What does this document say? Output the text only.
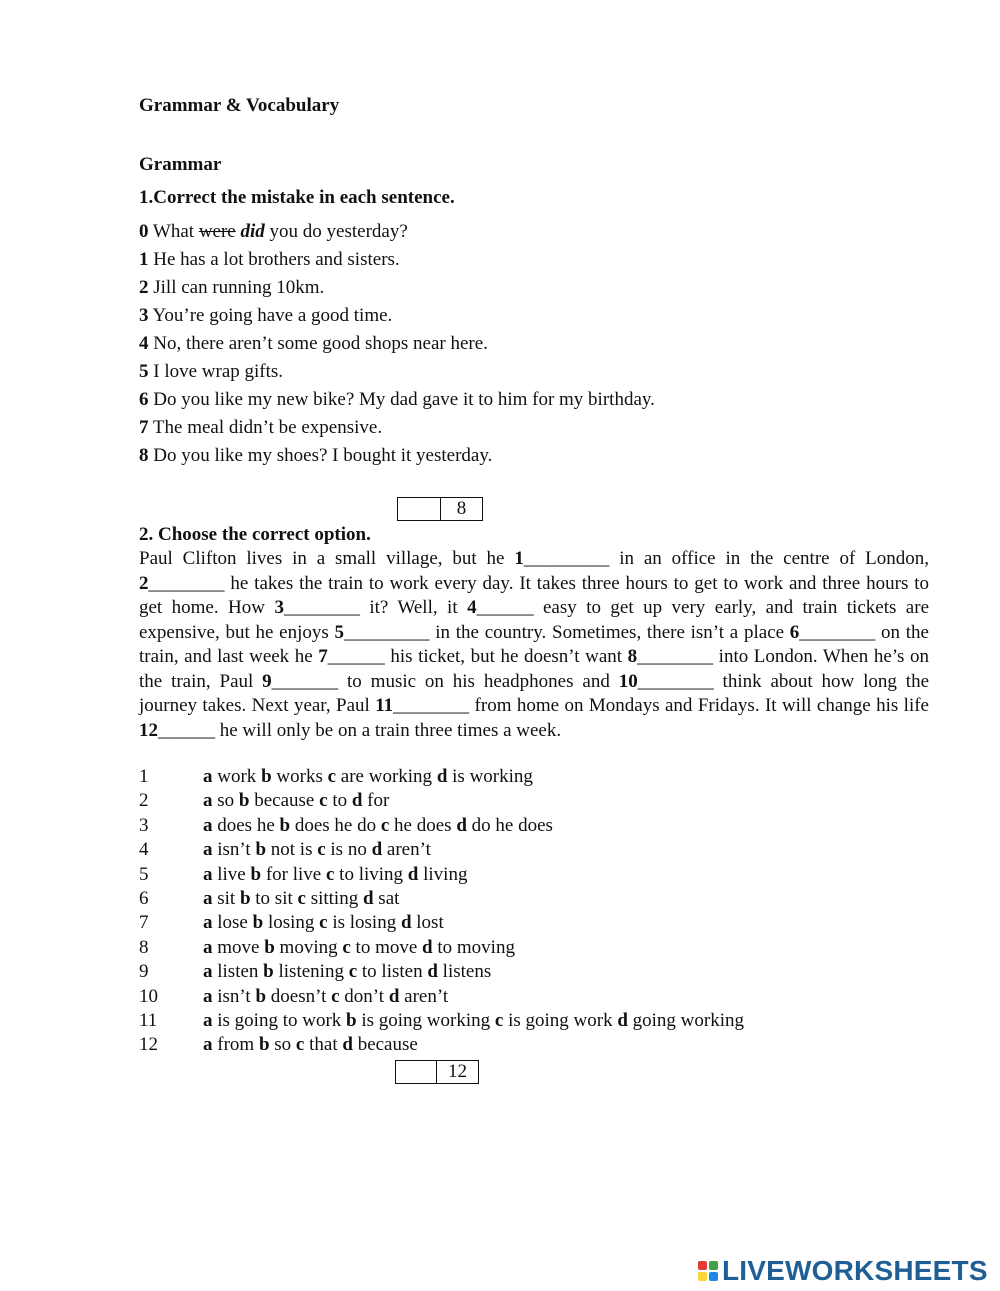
Grammar & Vocabulary
Grammar
1.Correct the mistake in each sentence.
0 What were did you do yesterday?
1 He has a lot brothers and sisters.
2 Jill can running 10km.
3 You’re going have a good time.
4 No, there aren’t some good shops near here.
5 I love wrap gifts.
6 Do you like my new bike? My dad gave it to him for my birthday.
7 The meal didn’t be expensive.
8 Do you like my shoes? I bought it yesterday.
8
2. Choose the correct option.
Paul Clifton lives in a small village, but he 1_________ in an office in the centre of London, 2________ he takes the train to work every day. It takes three hours to get to work and three hours to get home. How 3________ it? Well, it 4______ easy to get up very early, and train tickets are expensive, but he enjoys 5_________ in the country. Sometimes, there isn’t a place 6________ on the train, and last week he 7______ his ticket, but he doesn’t want 8________ into London. When he’s on the train, Paul 9_______ to music on his headphones and 10________ think about how long the journey takes. Next year, Paul 11________ from home on Mondays and Fridays. It will change his life 12______ he will only be on a train three times a week.
1	a work b works c are working d is working
2	a so b because c to d for
3	a does he b does he do c he does d do he does
4	a isn’t b not is c is no d aren’t
5	a live b for live c to living d living
6	a sit b to sit c sitting d sat
7	a lose b losing c is losing d lost
8	a move b moving c to move d to moving
9	a listen b listening c to listen d listens
10 a isn’t b doesn’t c don’t d aren’t
11 a is going to work b is going working c is going work d going working
12 a from b so c that d because
12
LIVEWORKSHEETS
